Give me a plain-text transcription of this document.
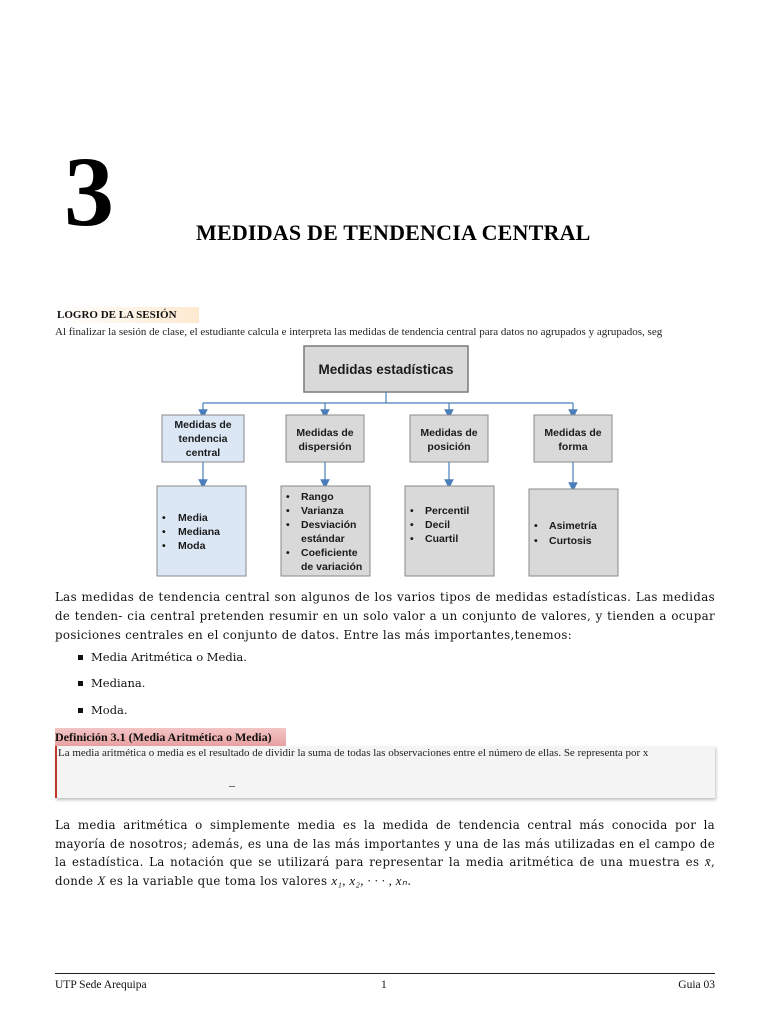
3	MEDIDAS DE TENDENCIA CENTRAL
LOGRO DE LA SESIÓN
Al finalizar la sesión de clase, el estudiante calcula e interpreta las medidas de tendencia central para datos no agrupados y agrupados, seg
Medidas estadísticas
Medidas de
tendencia
central
Medidas de
dispersión
Medidas de
posición
Medidas de
forma
• Media
• Mediana
• Moda
• Rango
• Varianza
• Desviación
estándar
• Coeficiente
de variación
• Percentil
• Decil
• Cuartil
• Asimetría
• Curtosis
Las medidas de tendencia central son algunos de los varios tipos de medidas estadísticas. Las medidas de tenden- cia central pretenden resumir en un solo valor a un conjunto de valores, y tienden a ocupar posiciones centrales en el conjunto de datos. Entre las más importantes,tenemos:
Media Aritmética o Media.
Mediana.
Moda.
Definición 3.1 (Media Aritmética o Media)
La media aritmética o media es el resultado de dividir la suma de todas las observaciones entre el número de ellas. Se representa por x
–
La media aritmética o simplemente media es la medida de tendencia central más conocida por la mayoría de nosotros; además, es una de las más importantes y una de las más utilizadas en el campo de la estadística. La notación que se utilizará para representar la media aritmética de una muestra es x̄, donde X es la variable que toma los valores x₁, x₂, · · · , xₙ.
UTP Sede Arequipa	1	Guia 03
